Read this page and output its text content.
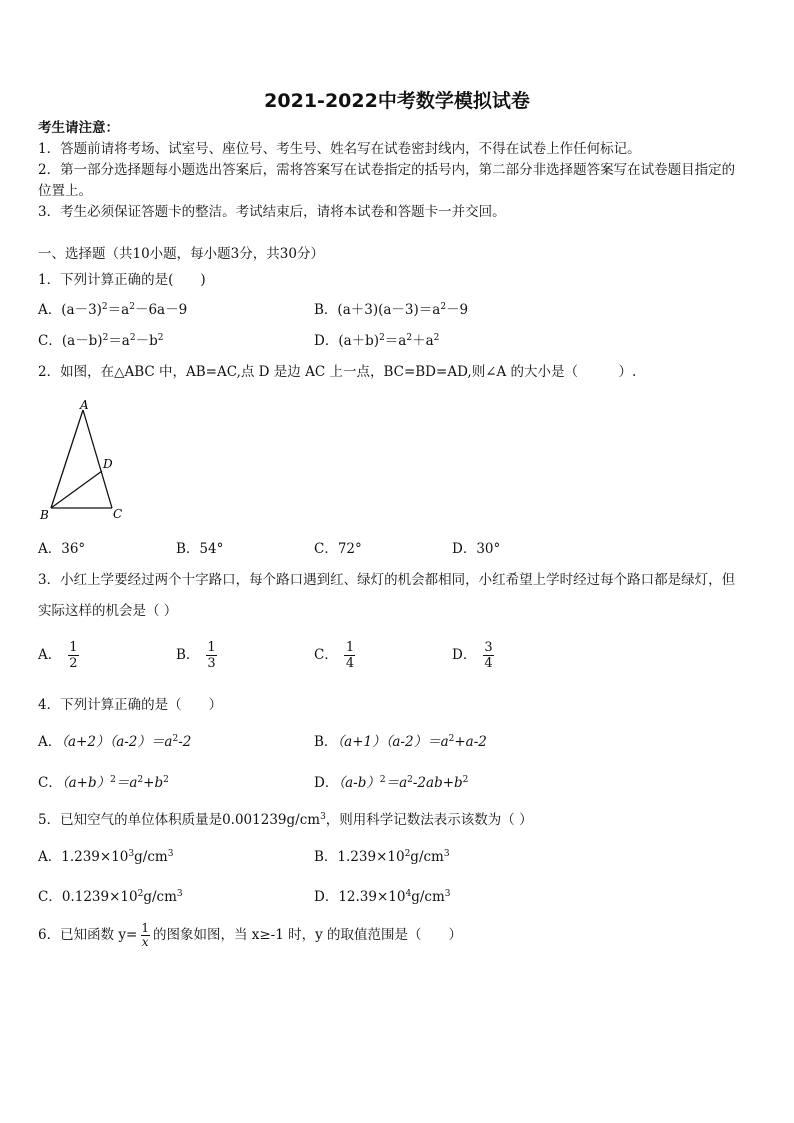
2021-2022中考数学模拟试卷
考生请注意：
1．答题前请将考场、试室号、座位号、考生号、姓名写在试卷密封线内，不得在试卷上作任何标记。
2．第一部分选择题每小题选出答案后，需将答案写在试卷指定的括号内，第二部分非选择题答案写在试卷题目指定的
位置上。
3．考生必须保证答题卡的整洁。考试结束后，请将本试卷和答题卡一并交回。
一、选择题（共10小题，每小题3分，共30分）
1．下列计算正确的是(　　)
A．$(a-3)^2=a^2-6a-9$	B．$(a+3)(a-3)=a^2-9$
C．$(a-b)^2=a^2-b^2$	D．$(a+b)^2=a^2+a^2$
2．如图，在△ABC 中，AB=AC,点 D 是边 AC 上一点，BC=BD=AD,则∠A 的大小是（　　　）.
A
B	C
D
A．36°	B．54°	C．72°	D．30°
3．小红上学要经过两个十字路口，每个路口遇到红、绿灯的机会都相同，小红希望上学时经过每个路口都是绿灯，但
实际这样的机会是（ ）
A． $\frac{1}{2}$	B． $\frac{1}{3}$	C． $\frac{1}{4}$	D． $\frac{3}{4}$
4．下列计算正确的是（　　）
A．$(a+2)(a-2)=a^2-2$	B．$(a+1)(a-2)=a^2+a-2$
C．$(a+b)^2=a^2+b^2$	D．$(a-b)^2=a^2-2ab+b^2$
5．已知空气的单位体积质量是$0.001239g/cm^3$，则用科学记数法表示该数为（ ）
A．$1.239\times 10^3g/cm^3$	B．$1.239\times 10^2g/cm^3$
C．$0.1239\times 10^2g/cm^3$	D．$12.39\times 10^4g/cm^3$
6．已知函数 $y= \frac{1}{x}$ 的图象如图，当 x≥-1 时，y 的取值范围是（　　）
